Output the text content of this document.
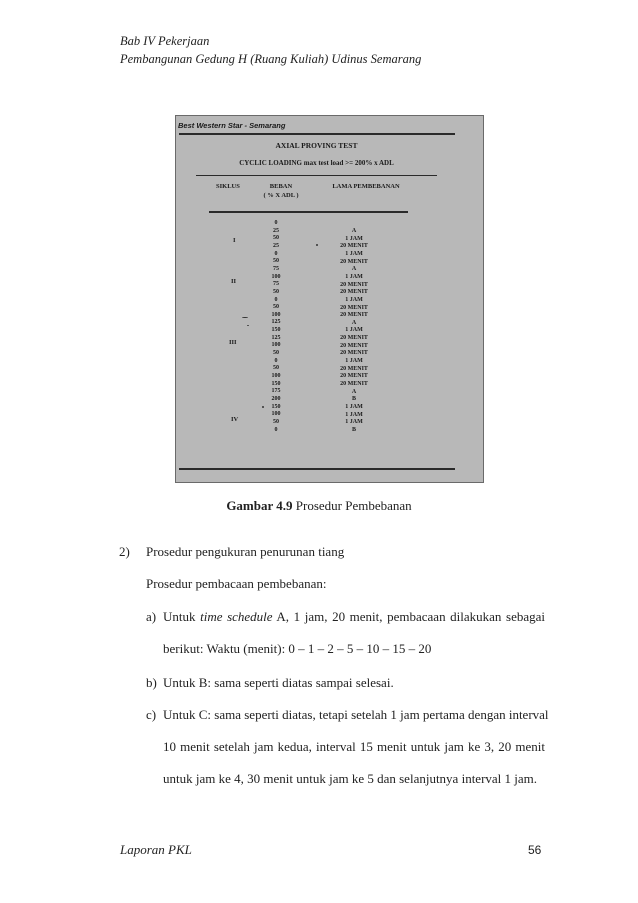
Bab IV Pekerjaan
Pembangunan Gedung H (Ruang Kuliah) Udinus Semarang
Best Western Star - Semarang
AXIAL PROVING TEST
CYCLIC LOADING max test load >= 200% x ADL
SIKLUS	BEBAN
( % X ADL )
LAMA PEMBEBANAN
0
25
50
25
0
50
75
100
75
50
0
50
100
125
150
125
100
50
0
50
100
150
175
200
150
100
50
0
A
1 JAM
20 MENIT
1 JAM
20 MENIT
A
1 JAM
20 MENIT
20 MENIT
1 JAM
20 MENIT
20 MENIT
A
1 JAM
20 MENIT
20 MENIT
20 MENIT
1 JAM
20 MENIT
20 MENIT
20 MENIT
A
B
1 JAM
1 JAM
1 JAM
B
I
II
III
IV
Gambar 4.9 Prosedur Pembebanan
2) Prosedur pengukuran penurunan tiang
Prosedur pembacaan pembebanan:
a) Untuk time schedule A, 1 jam, 20 menit, pembacaan dilakukan sebagai
berikut: Waktu (menit): 0 – 1 – 2 – 5 – 10 – 15 – 20
b) Untuk B: sama seperti diatas sampai selesai.
c) Untuk C: sama seperti diatas, tetapi setelah 1 jam pertama dengan interval
10 menit setelah jam kedua, interval 15 menit untuk jam ke 3, 20 menit
untuk jam ke 4, 30 menit untuk jam ke 5 dan selanjutnya interval 1 jam.
Laporan PKL	56
